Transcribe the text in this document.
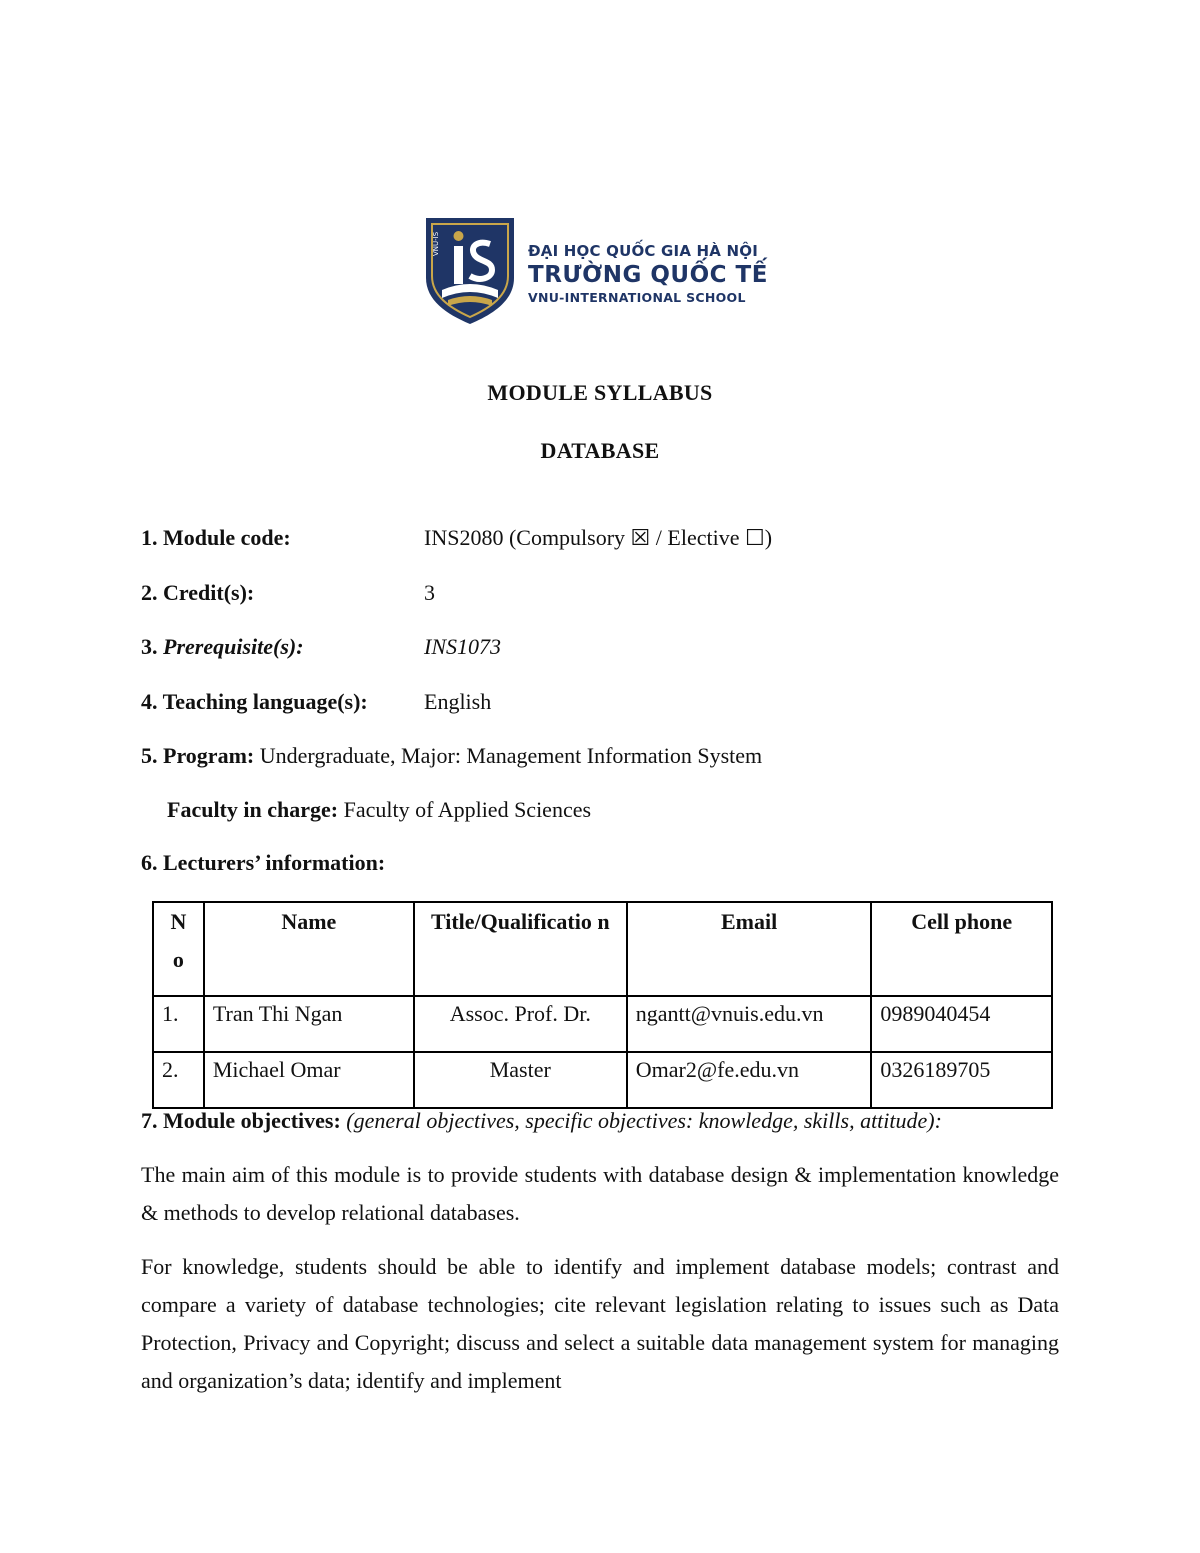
VNU-IS	ĐẠI HỌC QUỐC GIA HÀ NỘI
TRƯỜNG QUỐC TẾ
VNU-INTERNATIONAL SCHOOL
MODULE SYLLABUS
DATABASE
1. Module code:	INS2080 (Compulsory ☒ / Elective ☐)
2. Credit(s):	3
3. Prerequisite(s):	INS1073
4. Teaching language(s):	English
5. Program: Undergraduate, Major: Management Information System
Faculty in charge: Faculty of Applied Sciences
6. Lecturers’ information:
N o	Name	Title/Qualificatio n	Email	Cell phone
1.	Tran Thi Ngan	Assoc. Prof. Dr.	ngantt@vnuis.edu.vn	0989040454
2.	Michael Omar	Master	Omar2@fe.edu.vn	0326189705
7. Module objectives: (general objectives, specific objectives: knowledge, skills, attitude):

The main aim of this module is to provide students with database design & implementation knowledge & methods to develop relational databases.

For knowledge, students should be able to identify and implement database models; contrast and compare a variety of database technologies; cite relevant legislation relating to issues such as Data Protection, Privacy and Copyright; discuss and select a suitable data management system for managing and organization’s data; identify and implement
